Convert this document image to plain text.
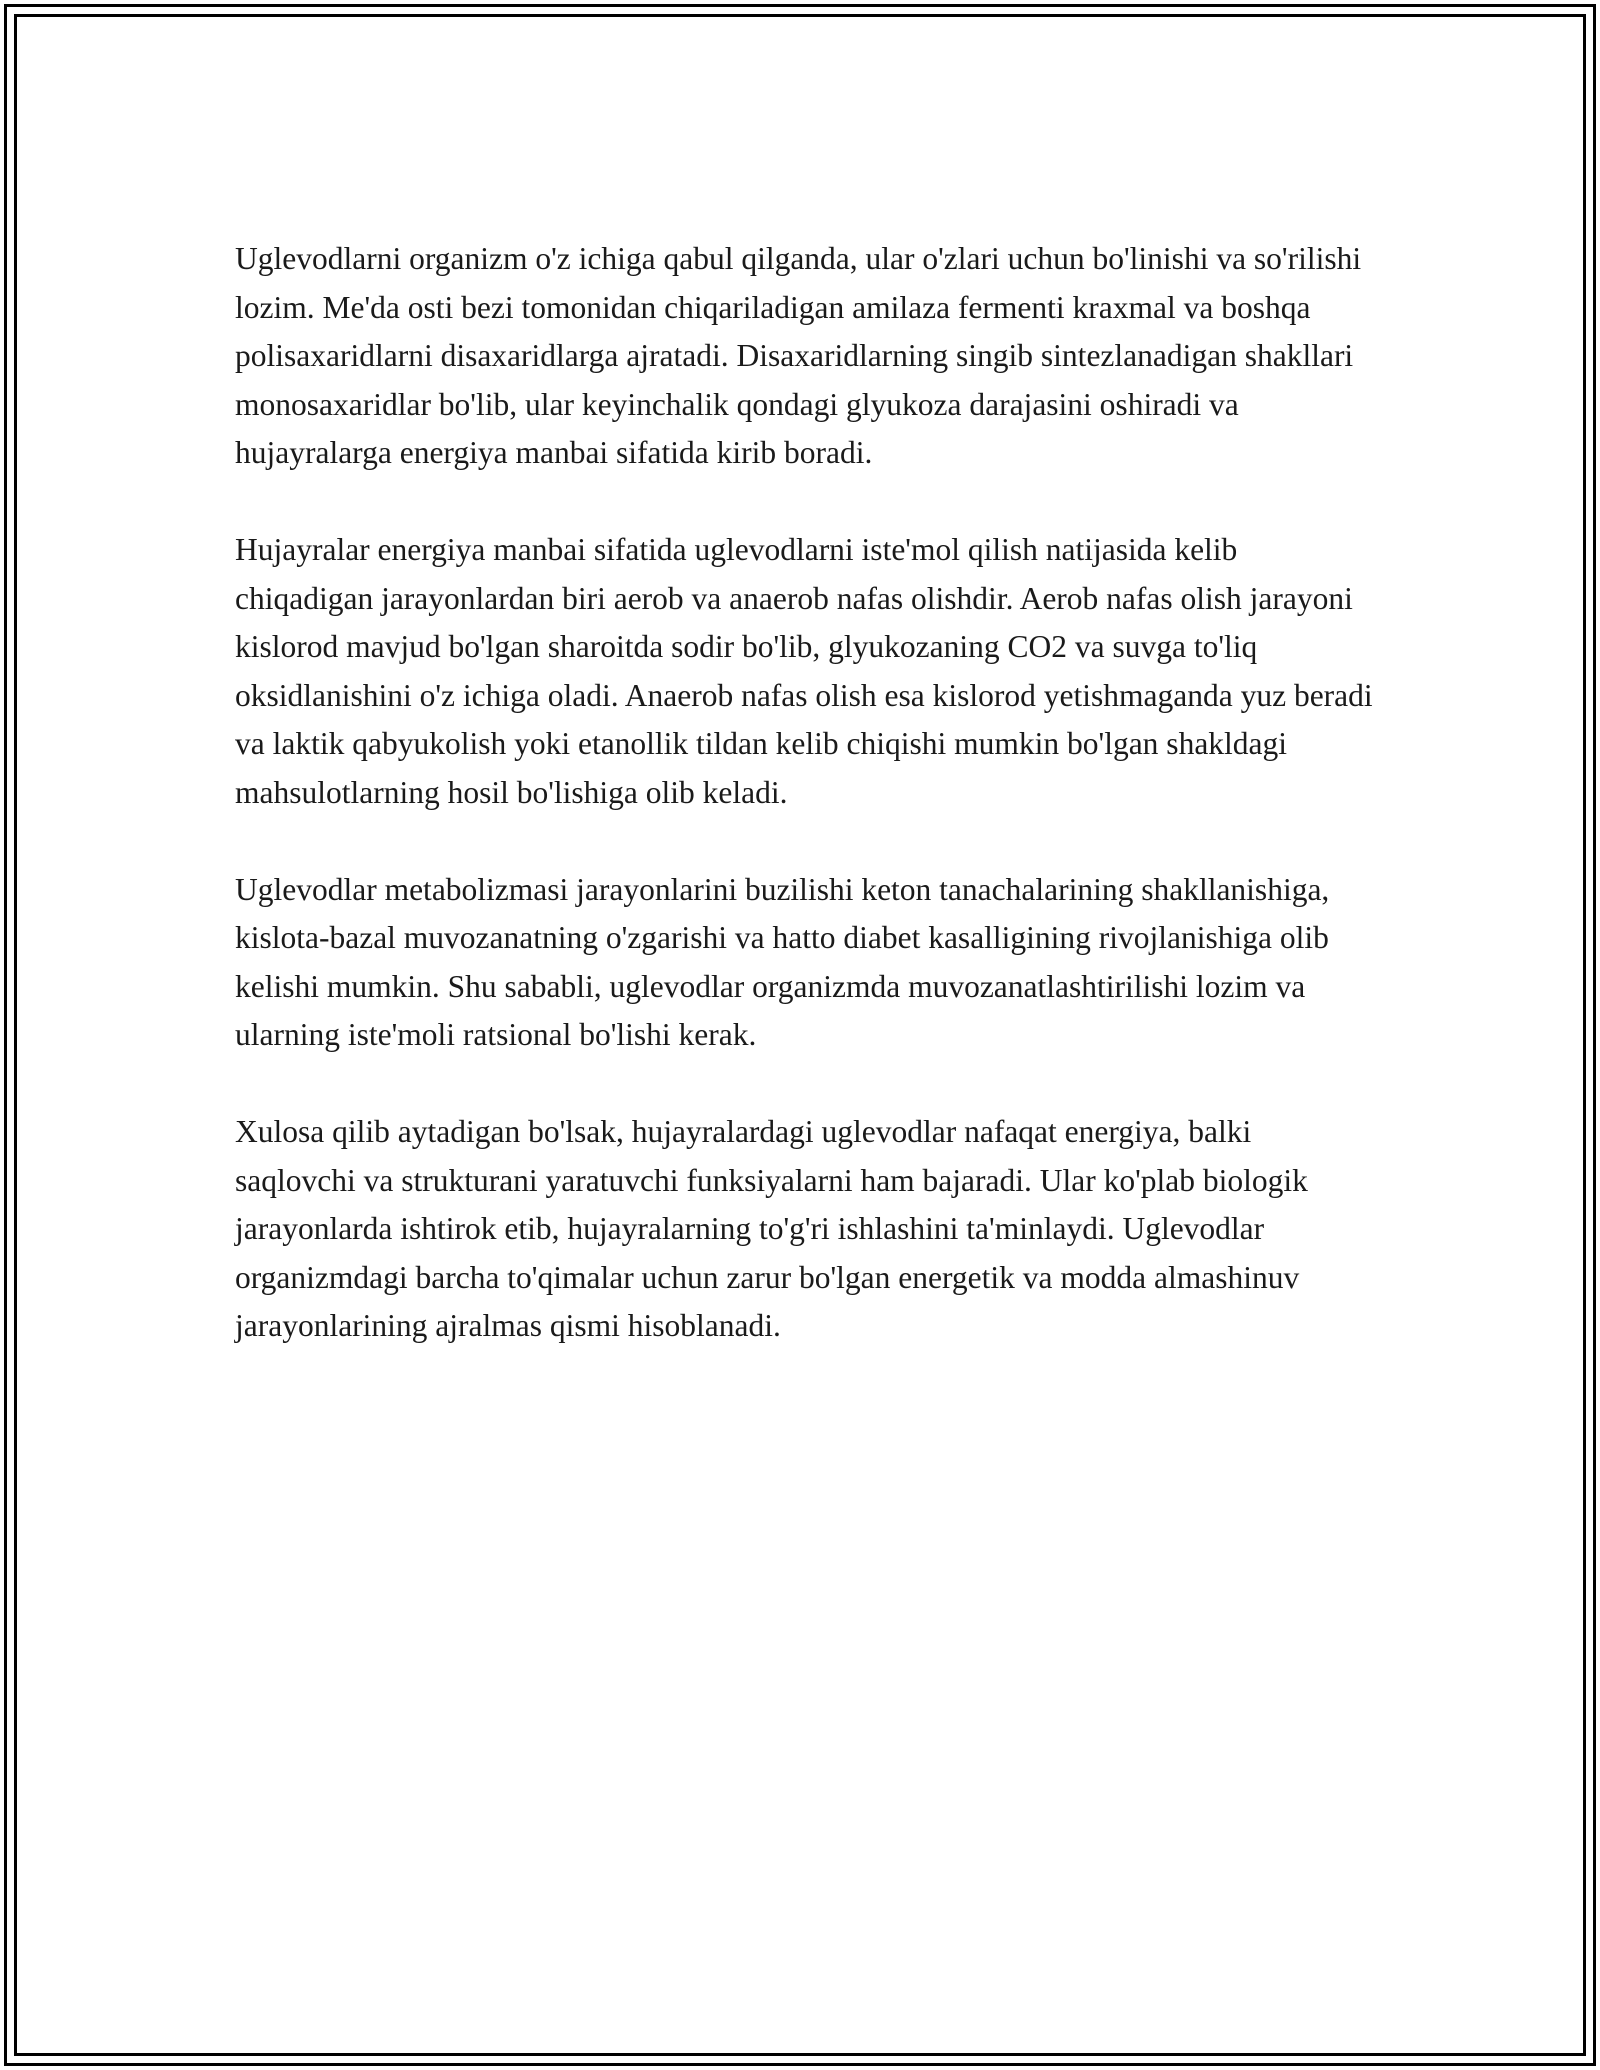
Uglevodlarni organizm o'z ichiga qabul qilganda, ular o'zlari uchun bo'linishi va so'rilishi lozim. Me'da osti bezi tomonidan chiqariladigan amilaza fermenti kraxmal va boshqa polisaxaridlarni disaxaridlarga ajratadi. Disaxaridlarning singib sintezlanadigan shakllari monosaxaridlar bo'lib, ular keyinchalik qondagi glyukoza darajasini oshiradi va hujayralarga energiya manbai sifatida kirib boradi.

Hujayralar energiya manbai sifatida uglevodlarni iste'mol qilish natijasida kelib chiqadigan jarayonlardan biri aerob va anaerob nafas olishdir. Aerob nafas olish jarayoni kislorod mavjud bo'lgan sharoitda sodir bo'lib, glyukozaning CO2 va suvga to'liq oksidlanishini o'z ichiga oladi. Anaerob nafas olish esa kislorod yetishmaganda yuz beradi va laktik qabyukolish yoki etanollik tildan kelib chiqishi mumkin bo'lgan shakldagi mahsulotlarning hosil bo'lishiga olib keladi.

Uglevodlar metabolizmasi jarayonlarini buzilishi keton tanachalarining shakllanishiga, kislota-bazal muvozanatning o'zgarishi va hatto diabet kasalligining rivojlanishiga olib kelishi mumkin. Shu sababli, uglevodlar organizmda muvozanatlashtirilishi lozim va ularning iste'moli ratsional bo'lishi kerak.

Xulosa qilib aytadigan bo'lsak, hujayralardagi uglevodlar nafaqat energiya, balki saqlovchi va strukturani yaratuvchi funksiyalarni ham bajaradi. Ular ko'plab biologik jarayonlarda ishtirok etib, hujayralarning to'g'ri ishlashini ta'minlaydi. Uglevodlar organizmdagi barcha to'qimalar uchun zarur bo'lgan energetik va modda almashinuv jarayonlarining ajralmas qismi hisoblanadi.
